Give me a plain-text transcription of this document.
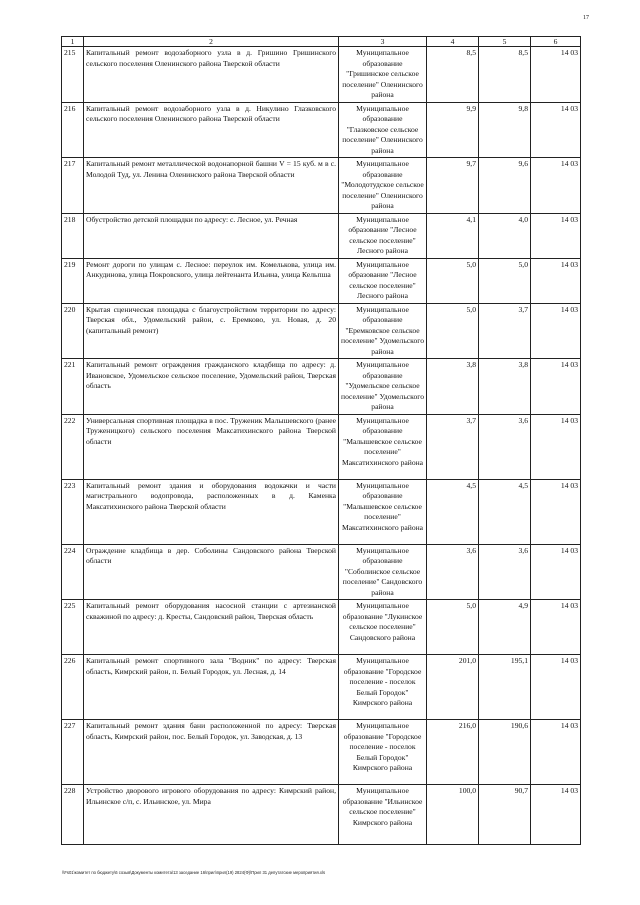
17
1	2	3	4	5	6
215	Капитальный ремонт водозаборного узла в д. Гришино Гришинского сельского поселения Оленинского района Тверской области	Муниципальное образование "Гришинское сельское поселение" Оленинского района	8,5	8,5	14 03
216	Капитальный ремонт водозаборного узла в д. Никулино Глазковского сельского поселения Оленинского района Тверской области	Муниципальное образование "Глазковское сельское поселение" Оленинского района	9,9	9,8	14 03
217	Капитальный ремонт металлической водонапорной башни V = 15 куб. м в с. Молодой Туд, ул. Ленина Оленинского района Тверской области	Муниципальное образование "Молодотудское сельское поселение" Оленинского района	9,7	9,6	14 03
218	Обустройство детской площадки по адресу: с. Лесное, ул. Речная	Муниципальное образование "Лесное сельское поселение" Лесного района	4,1	4,0	14 03
219	Ремонт дороги по улицам с. Лесное: переулок им. Комелькова, улица им. Анкудинова, улица Покровского, улица лейтенанта Ильина, улица Кельпша	Муниципальное образование "Лесное сельское поселение" Лесного района	5,0	5,0	14 03
220	Крытая сценическая площадка с благоустройством территории по адресу: Тверская обл., Удомельский район, с. Еремково, ул. Новая, д. 20 (капитальный ремонт)	Муниципальное образование "Еремковское сельское поселение" Удомельского района	5,0	3,7	14 03
221	Капитальный ремонт ограждения гражданского кладбища по адресу: д. Ивановское, Удомельское сельское поселение, Удомельский район, Тверская область	Муниципальное образование "Удомельское сельское поселение" Удомельского района	3,8	3,8	14 03
222	Универсальная спортивная площадка в пос. Труженик Малышевского (ранее Труженицкого) сельского поселения Максатихинского района Тверской области	Муниципальное образование "Малышевское сельское поселение" Максатихинского района	3,7	3,6	14 03
223	Капитальный ремонт здания и оборудования водокачки и части магистрального водопровода, расположенных в д. Каменка Максатихинского района Тверской области	Муниципальное образование "Малышевское сельское поселение" Максатихинского района	4,5	4,5	14 03
224	Ограждение кладбища в дер. Соболины Сандовского района Тверской области	Муниципальное образование "Соболинское сельское поселение" Сандовского района	3,6	3,6	14 03
225	Капитальный ремонт оборудования насосной станции с артезианской скважиной по адресу: д. Кресты, Сандовский район, Тверская область	Муниципальное образование "Лукинское сельское поселение" Сандовского района	5,0	4,9	14 03
226	Капитальный ремонт спортивного зала "Водник" по адресу: Тверская область, Кимрский район, п. Белый Городок, ул. Лесная, д. 14	Муниципальное образование "Городское поселение - поселок Белый Городок" Кимрского района	201,0	195,1	14 03
227	Капитальный ремонт здания бани расположенной по адресу: Тверская область, Кимрский район, пос. Белый Городок, ул. Заводская, д. 13	Муниципальное образование "Городское поселение - поселок Белый Городок" Кимрского района	216,0	190,6	14 03
228	Устройство дворового игрового оборудования по адресу: Кимрский район, Ильинское с/п, с. Ильинское, ул. Мира	Муниципальное образование "Ильинское сельское поселение" Кимрского района	100,0	90,7	14 03
\\Fs01\комитет по бюджету\6 созыв\Документы комитета\13 заседание 16\прил\прил(19) 2824(Ф)\Прил 31 депутатские мероприятия.xls
